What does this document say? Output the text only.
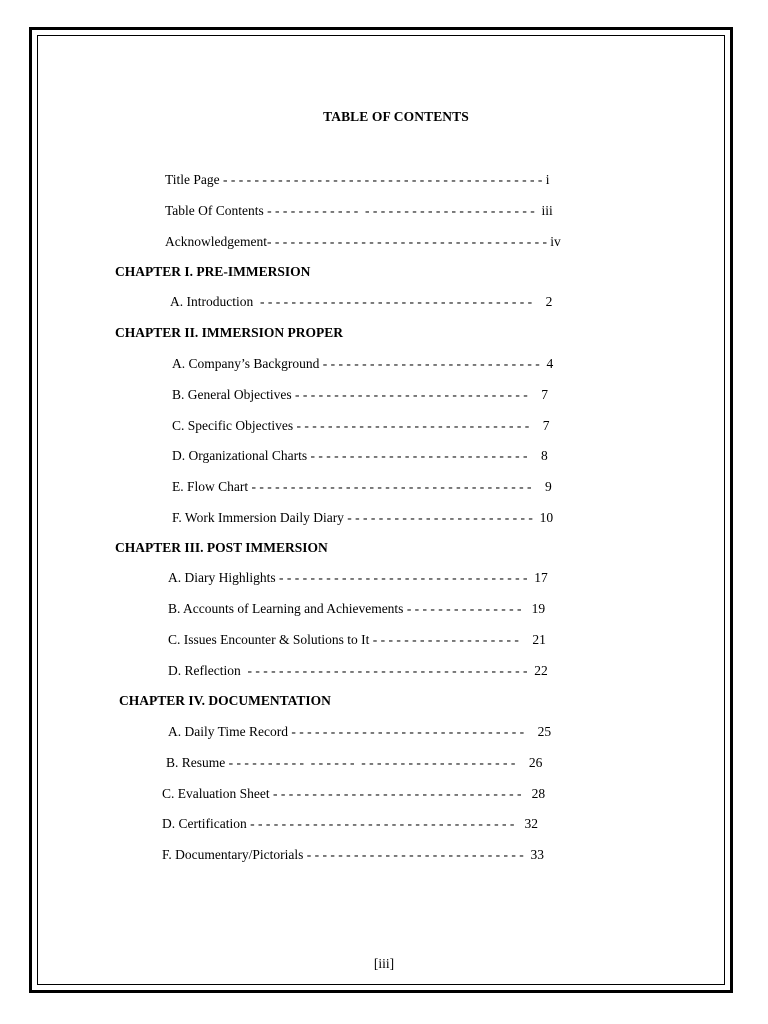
TABLE OF CONTENTS
Title Page - - - - - - - - - - - - - - - - - - - - - - - - - - - - - - - - - - - - - - - - - i
Table Of Contents - - - - - - - - - - - -  - - - - - - - - - - - - - - - - - - - - - -  iii
Acknowledgement- - - - - - - - - - - - - - - - - - - - - - - - - - - - - - - - - - - - iv
CHAPTER I. PRE-IMMERSION
A. Introduction  - - - - - - - - - - - - - - - - - - - - - - - - - - - - - - - - - - -    2
CHAPTER II. IMMERSION PROPER
A. Company’s Background - - - - - - - - - - - - - - - - - - - - - - - - - - - -  4
B. General Objectives - - - - - - - - - - - - - - - - - - - - - - - - - - - - - -    7
C. Specific Objectives - - - - - - - - - - - - - - - - - - - - - - - - - - - - - -    7
D. Organizational Charts - - - - - - - - - - - - - - - - - - - - - - - - - - - -    8
E. Flow Chart - - - - - - - - - - - - - - - - - - - - - - - - - - - - - - - - - - - -    9
F. Work Immersion Daily Diary - - - - - - - - - - - - - - - - - - - - - - - -  10
CHAPTER III. POST IMMERSION
A. Diary Highlights - - - - - - - - - - - - - - - - - - - - - - - - - - - - - - - -  17
B. Accounts of Learning and Achievements - - - - - - - - - - - - - - -   19
C. Issues Encounter & Solutions to It - - - - - - - - - - - - - - - - - - -    21
D. Reflection  - - - - - - - - - - - - - - - - - - - - - - - - - - - - - - - - - - - -  22
CHAPTER IV. DOCUMENTATION
A. Daily Time Record - - - - - - - - - - - - - - - - - - - - - - - - - - - - - -    25
B. Resume - - - - - - - - - -  - - - - - -  - - - - - - - - - - - - - - - - - - - -    26
C. Evaluation Sheet - - - - - - - - - - - - - - - - - - - - - - - - - - - - - - - -   28
D. Certification - - - - - - - - - - - - - - - - - - - - - - - - - - - - - - - - - -   32
F. Documentary/Pictorials - - - - - - - - - - - - - - - - - - - - - - - - - - - -  33
[iii]
